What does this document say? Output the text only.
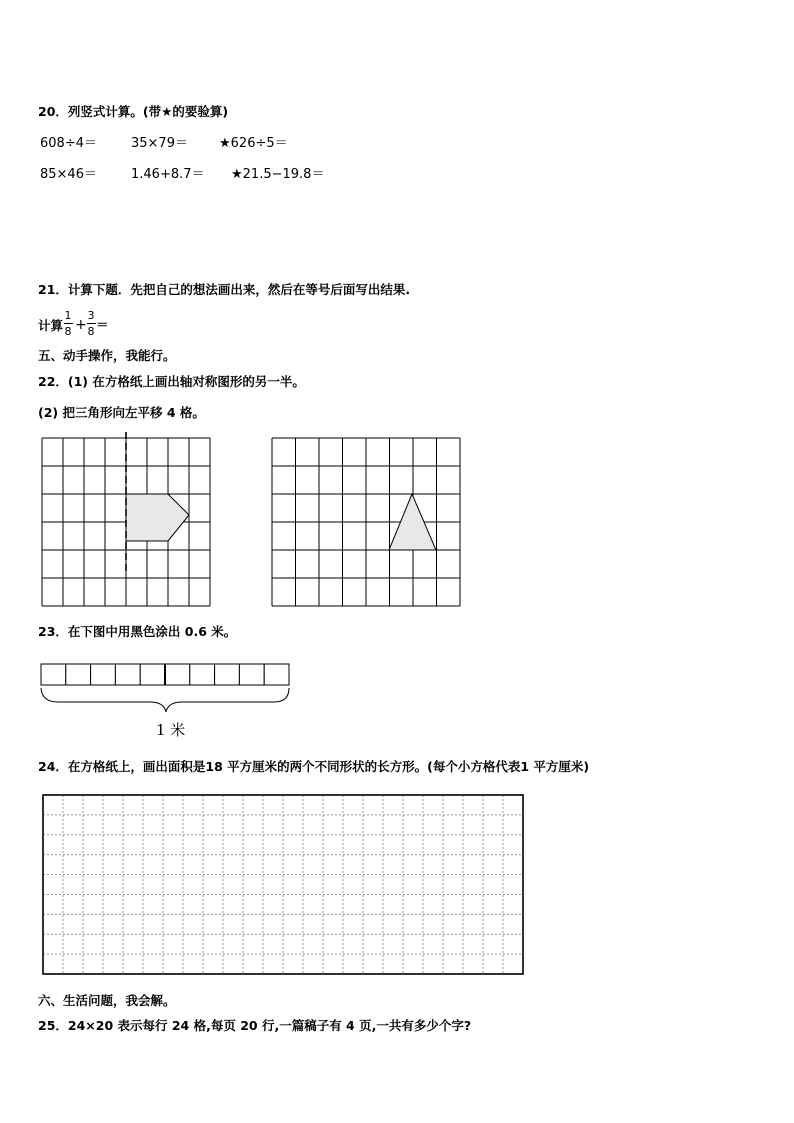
20．列竖式计算。(带★的要验算)
608÷4＝	35×79＝ ★626÷5＝
85×46＝	1.46+8.7＝ ★21.5−19.8＝
21．计算下题．先把自己的想法画出来，然后在等号后面写出结果.
计算
1
8 +
3
8 ＝
五、动手操作，我能行。
22．(1) 在方格纸上画出轴对称图形的另一半。
(2) 把三角形向左平移 4 格。
23．在下图中用黑色涂出 0.6 米。
1 米
24．在方格纸上，画出面积是18 平方厘米的两个不同形状的长方形。(每个小方格代表1 平方厘米)
六、生活问题，我会解。
25．24×20 表示每行 24 格,每页 20 行,一篇稿子有 4 页,一共有多少个字?
